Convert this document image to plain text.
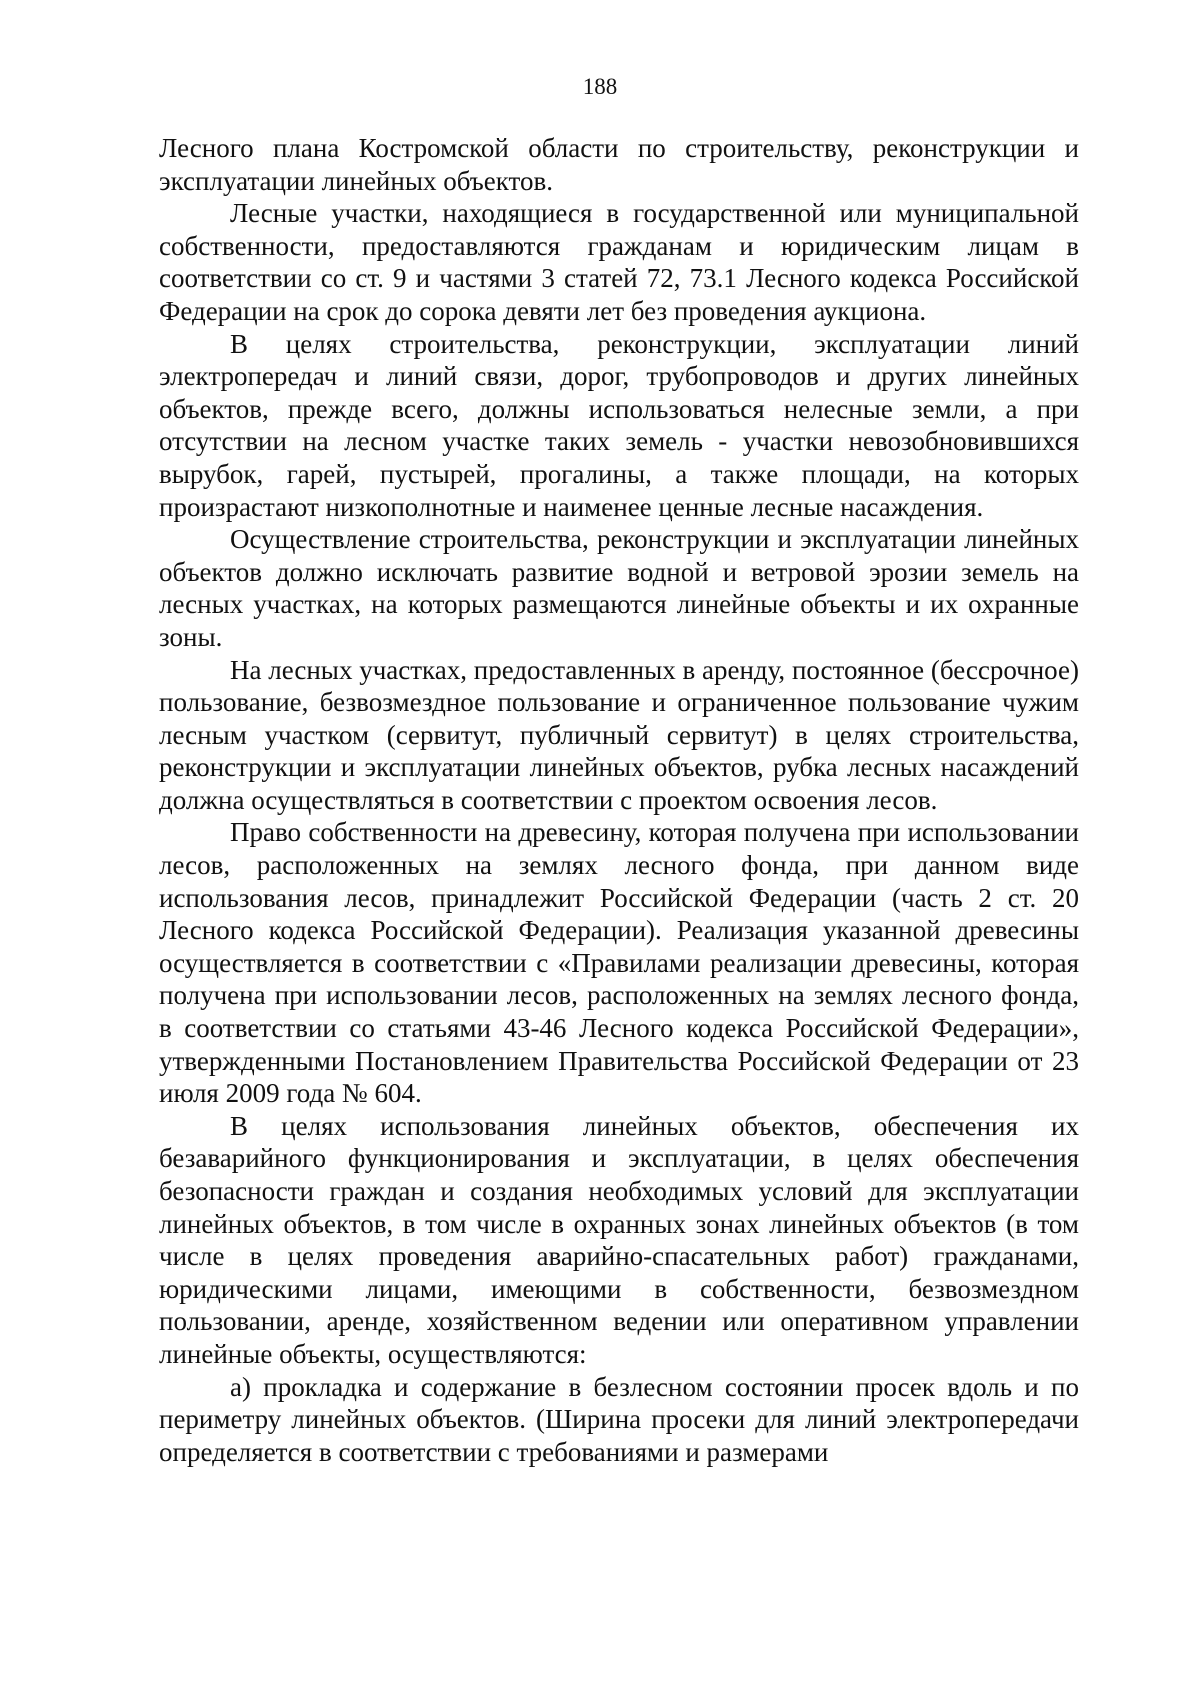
188

Лесного плана Костромской области по строительству, реконструкции и эксплуатации линейных объектов.

Лесные участки, находящиеся в государственной или муниципальной собственности, предоставляются гражданам и юридическим лицам в соответствии со ст. 9 и частями 3 статей 72, 73.1 Лесного кодекса Российской Федерации на срок до сорока девяти лет без проведения аукциона.

В целях строительства, реконструкции, эксплуатации линий электропередач и линий связи, дорог, трубопроводов и других линейных объектов, прежде всего, должны использоваться нелесные земли, а при отсутствии на лесном участке таких земель - участки невозобновившихся вырубок, гарей, пустырей, прогалины, а также площади, на которых произрастают низкополнотные и наименее ценные лесные насаждения.

Осуществление строительства, реконструкции и эксплуатации линейных объектов должно исключать развитие водной и ветровой эрозии земель на лесных участках, на которых размещаются линейные объекты и их охранные зоны.

На лесных участках, предоставленных в аренду, постоянное (бессрочное) пользование, безвозмездное пользование и ограниченное пользование чужим лесным участком (сервитут, публичный сервитут) в целях строительства, реконструкции и эксплуатации линейных объектов, рубка лесных насаждений должна осуществляться в соответствии с проектом освоения лесов.

Право собственности на древесину, которая получена при использовании лесов, расположенных на землях лесного фонда, при данном виде использования лесов, принадлежит Российской Федерации (часть 2 ст. 20 Лесного кодекса Российской Федерации). Реализация указанной древесины осуществляется в соответствии с «Правилами реализации древесины, которая получена при использовании лесов, расположенных на землях лесного фонда, в соответствии со статьями 43-46 Лесного кодекса Российской Федерации», утвержденными Постановлением Правительства Российской Федерации от 23 июля 2009 года № 604.

В целях использования линейных объектов, обеспечения их безаварийного функционирования и эксплуатации, в целях обеспечения безопасности граждан и создания необходимых условий для эксплуатации линейных объектов, в том числе в охранных зонах линейных объектов (в том числе в целях проведения аварийно-спасательных работ) гражданами, юридическими лицами, имеющими в собственности, безвозмездном пользовании, аренде, хозяйственном ведении или оперативном управлении линейные объекты, осуществляются:

а) прокладка и содержание в безлесном состоянии просек вдоль и по периметру линейных объектов. (Ширина просеки для линий электропередачи определяется в соответствии с требованиями и размерами
